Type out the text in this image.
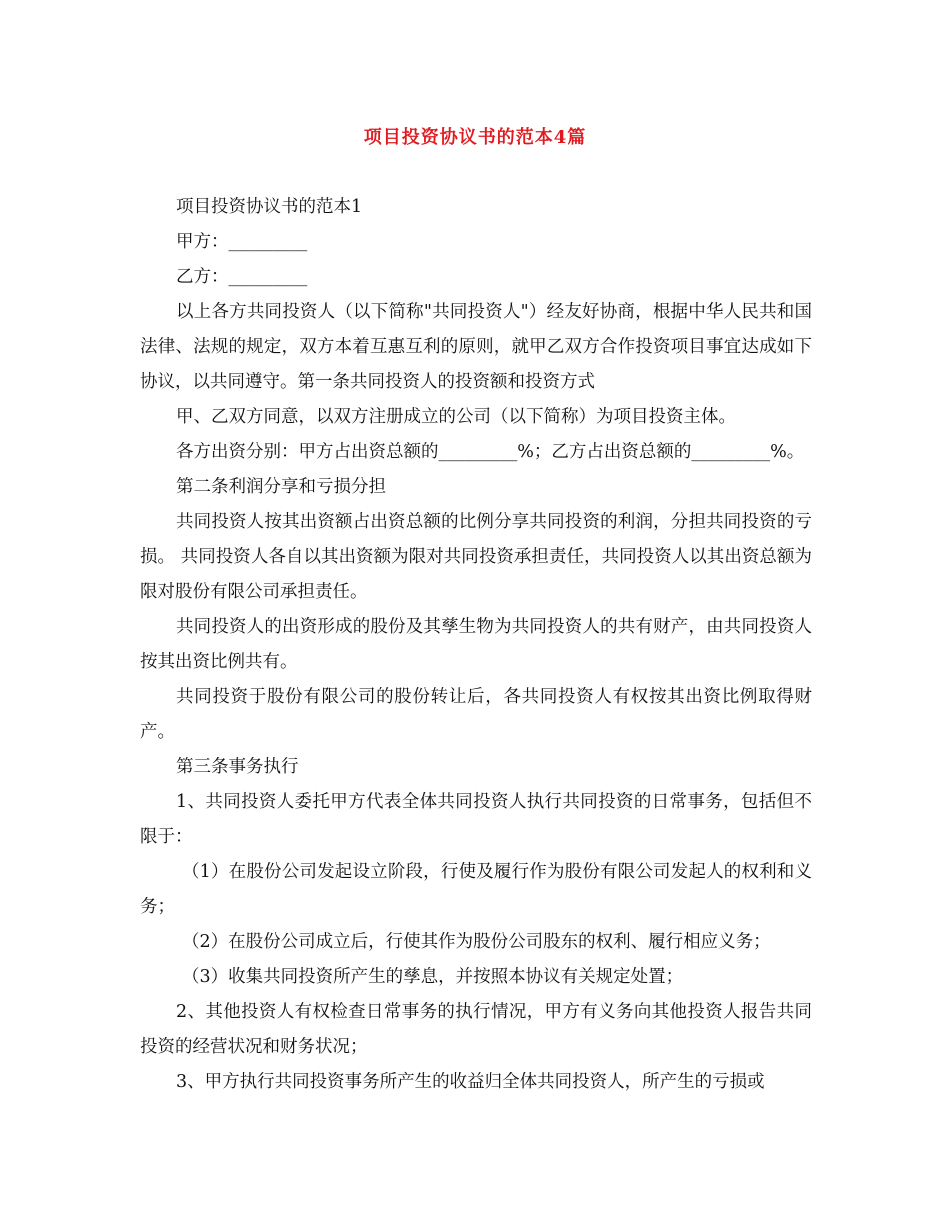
项目投资协议书的范本4篇

项目投资协议书的范本1

甲方：_________

乙方：_________

以上各方共同投资人（以下简称"共同投资人"）经友好协商，根据中华人民共和国法律、法规的规定，双方本着互惠互利的原则，就甲乙双方合作投资项目事宜达成如下协议，以共同遵守。第一条共同投资人的投资额和投资方式

甲、乙双方同意，以双方注册成立的公司（以下简称）为项目投资主体。

各方出资分别：甲方占出资总额的_________%；乙方占出资总额的_________%。

第二条利润分享和亏损分担

共同投资人按其出资额占出资总额的比例分享共同投资的利润，分担共同投资的亏损。 共同投资人各自以其出资额为限对共同投资承担责任，共同投资人以其出资总额为限对股份有限公司承担责任。

共同投资人的出资形成的股份及其孳生物为共同投资人的共有财产，由共同投资人按其出资比例共有。

共同投资于股份有限公司的股份转让后，各共同投资人有权按其出资比例取得财产。

第三条事务执行

1、共同投资人委托甲方代表全体共同投资人执行共同投资的日常事务，包括但不限于：

（1）在股份公司发起设立阶段，行使及履行作为股份有限公司发起人的权利和义务；

（2）在股份公司成立后，行使其作为股份公司股东的权利、履行相应义务；

（3）收集共同投资所产生的孳息，并按照本协议有关规定处置；

2、其他投资人有权检查日常事务的执行情况，甲方有义务向其他投资人报告共同投资的经营状况和财务状况；

3、甲方执行共同投资事务所产生的收益归全体共同投资人，所产生的亏损或
